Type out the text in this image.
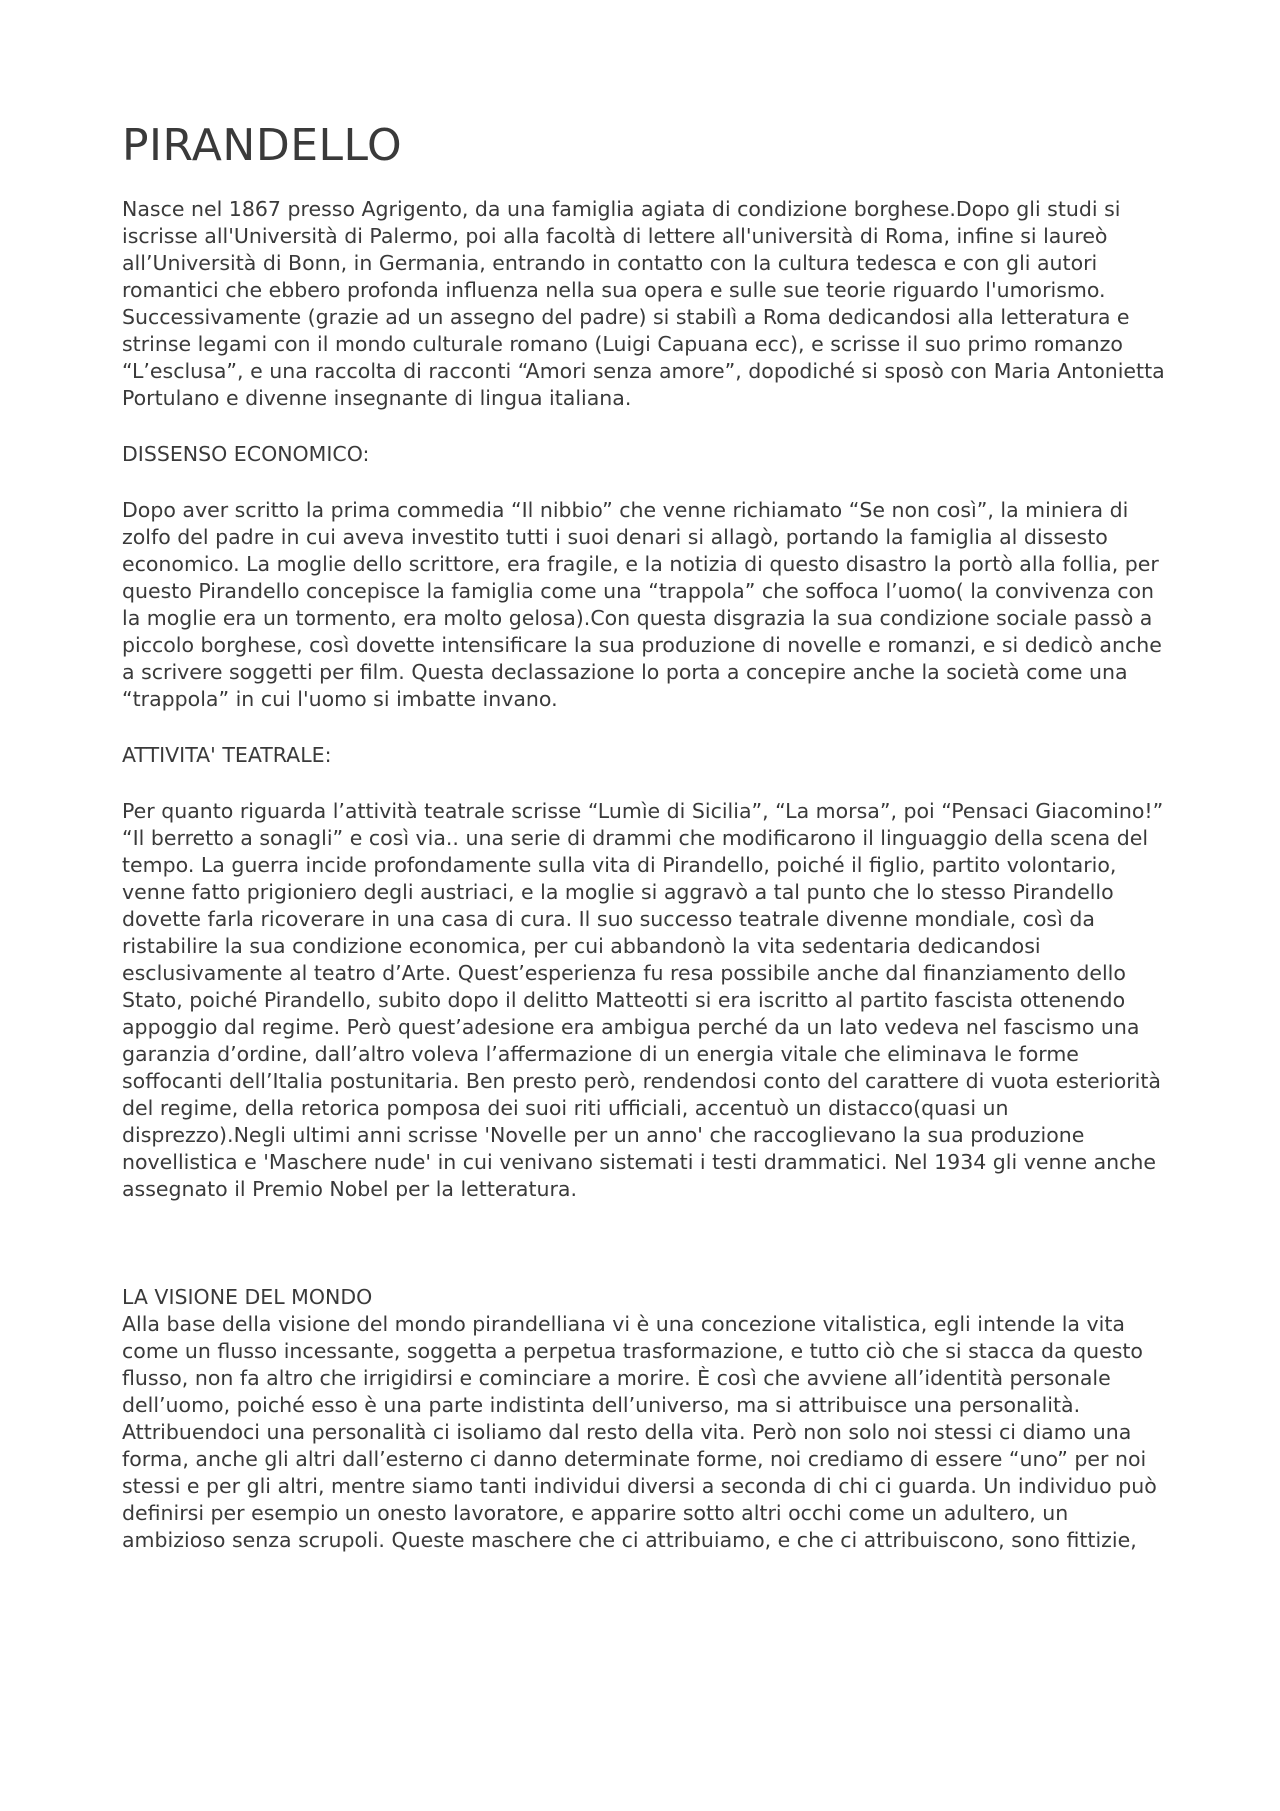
PIRANDELLO

Nasce nel 1867 presso Agrigento, da una famiglia agiata di condizione borghese.Dopo gli studi si iscrisse all'Università di Palermo, poi alla facoltà di lettere all'università di Roma, infine si laureò all’Università di Bonn, in Germania, entrando in contatto con la cultura tedesca e con gli autori romantici che ebbero profonda influenza nella sua opera e sulle sue teorie riguardo l'umorismo. Successivamente (grazie ad un assegno del padre) si stabilì a Roma dedicandosi alla letteratura e strinse legami con il mondo culturale romano (Luigi Capuana ecc), e scrisse il suo primo romanzo “L’esclusa”, e una raccolta di racconti “Amori senza amore”, dopodiché si sposò con Maria Antonietta Portulano e divenne insegnante di lingua italiana.

DISSENSO ECONOMICO:

Dopo aver scritto la prima commedia “Il nibbio” che venne richiamato “Se non così”, la miniera di zolfo del padre in cui aveva investito tutti i suoi denari si allagò, portando la famiglia al dissesto economico. La moglie dello scrittore, era fragile, e la notizia di questo disastro la portò alla follia, per questo Pirandello concepisce la famiglia come una “trappola” che soffoca l’uomo( la convivenza con la moglie era un tormento, era molto gelosa).Con questa disgrazia la sua condizione sociale passò a piccolo borghese, così dovette intensificare la sua produzione di novelle e romanzi, e si dedicò anche a scrivere soggetti per film. Questa declassazione lo porta a concepire anche la società come una “trappola” in cui l'uomo si imbatte invano.

ATTIVITA' TEATRALE:

Per quanto riguarda l’attività teatrale scrisse “Lumìe di Sicilia”, “La morsa”, poi “Pensaci Giacomino!” “Il berretto a sonagli” e così via.. una serie di drammi che modificarono il linguaggio della scena del tempo. La guerra incide profondamente sulla vita di Pirandello, poiché il figlio, partito volontario, venne fatto prigioniero degli austriaci, e la moglie si aggravò a tal punto che lo stesso Pirandello dovette farla ricoverare in una casa di cura. Il suo successo teatrale divenne mondiale, così da ristabilire la sua condizione economica, per cui abbandonò la vita sedentaria dedicandosi esclusivamente al teatro d’Arte. Quest’esperienza fu resa possibile anche dal finanziamento dello Stato, poiché Pirandello, subito dopo il delitto Matteotti si era iscritto al partito fascista ottenendo appoggio dal regime. Però quest’adesione era ambigua perché da un lato vedeva nel fascismo una garanzia d’ordine, dall’altro voleva l’affermazione di un energia vitale che eliminava le forme soffocanti dell’Italia postunitaria. Ben presto però, rendendosi conto del carattere di vuota esteriorità del regime, della retorica pomposa dei suoi riti ufficiali, accentuò un distacco(quasi un disprezzo).Negli ultimi anni scrisse 'Novelle per un anno' che raccoglievano la sua produzione novellistica e 'Maschere nude' in cui venivano sistemati i testi drammatici. Nel 1934 gli venne anche assegnato il Premio Nobel per la letteratura.

LA VISIONE DEL MONDO

Alla base della visione del mondo pirandelliana vi è una concezione vitalistica, egli intende la vita come un flusso incessante, soggetta a perpetua trasformazione, e tutto ciò che si stacca da questo flusso, non fa altro che irrigidirsi e cominciare a morire. È così che avviene all’identità personale dell’uomo, poiché esso è una parte indistinta dell’universo, ma si attribuisce una personalità. Attribuendoci una personalità ci isoliamo dal resto della vita. Però non solo noi stessi ci diamo una forma, anche gli altri dall’esterno ci danno determinate forme, noi crediamo di essere “uno” per noi stessi e per gli altri, mentre siamo tanti individui diversi a seconda di chi ci guarda. Un individuo può definirsi per esempio un onesto lavoratore, e apparire sotto altri occhi come un adultero, un ambizioso senza scrupoli. Queste maschere che ci attribuiamo, e che ci attribuiscono, sono fittizie,
